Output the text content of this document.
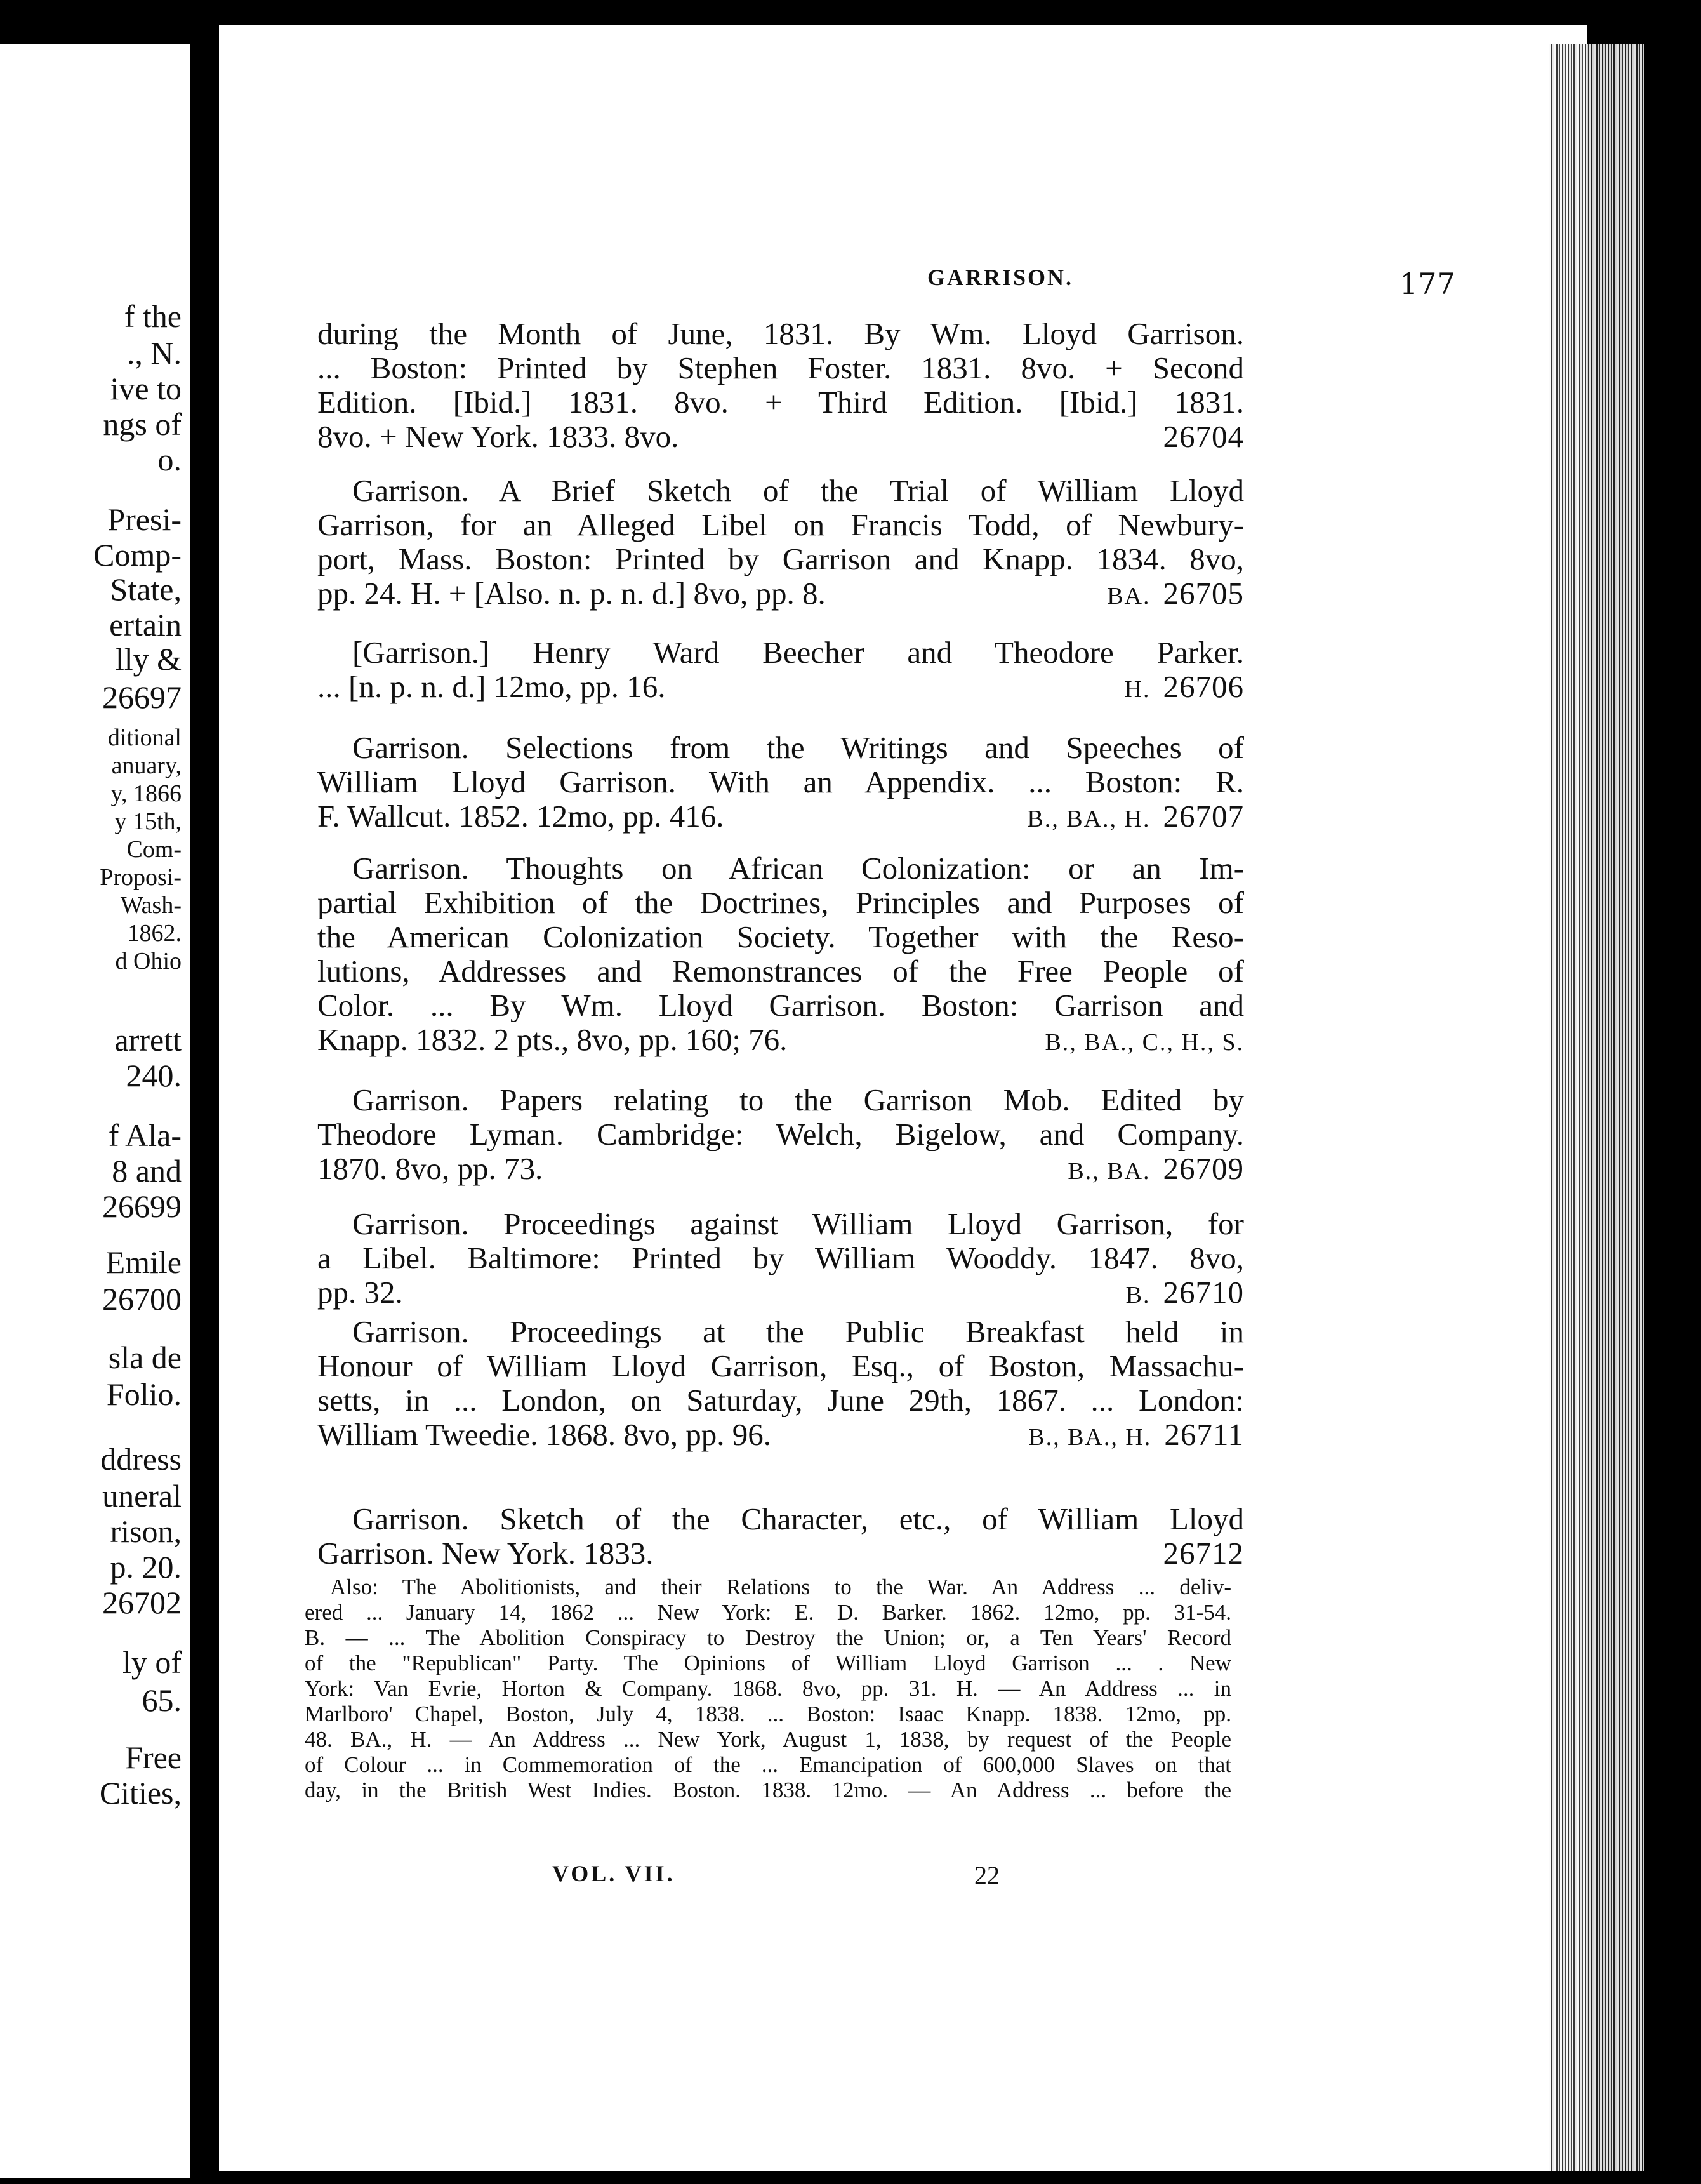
f the
., N.
ive to
ngs of
o.
Presi-
Comp-
State,
ertain
lly &
26697
ditional
anuary,
y, 1866
y 15th,
Com-
Proposi-
Wash-
1862.
d Ohio
arrett
240.
f Ala-
8 and
26699
Emile
26700
sla de
Folio.
ddress
uneral
rison,
p. 20.
26702
ly of
65.
Free
Cities,
GARRISON.	177
during the Month of June, 1831. By Wm. Lloyd Garrison.
... Boston: Printed by Stephen Foster. 1831. 8vo. + Second
Edition. [Ibid.] 1831. 8vo. + Third Edition. [Ibid.] 1831.
8vo. + New York. 1833. 8vo.	26704
Garrison. A Brief Sketch of the Trial of William Lloyd
Garrison, for an Alleged Libel on Francis Todd, of Newbury-
port, Mass. Boston: Printed by Garrison and Knapp. 1834. 8vo,
pp. 24. H. + [Also. n. p. n. d.] 8vo, pp. 8.	BA. 26705
[Garrison.] Henry Ward Beecher and Theodore Parker.
... [n. p. n. d.] 12mo, pp. 16.	H. 26706
Garrison. Selections from the Writings and Speeches of
William Lloyd Garrison. With an Appendix. ... Boston: R.
F. Wallcut. 1852. 12mo, pp. 416.	B., BA., H. 26707
Garrison. Thoughts on African Colonization: or an Im-
partial Exhibition of the Doctrines, Principles and Purposes of
the American Colonization Society. Together with the Reso-
lutions, Addresses and Remonstrances of the Free People of
Color. ... By Wm. Lloyd Garrison. Boston: Garrison and
Knapp. 1832. 2 pts., 8vo, pp. 160; 76.	B., BA., C., H., S.
Garrison. Papers relating to the Garrison Mob. Edited by
Theodore Lyman. Cambridge: Welch, Bigelow, and Company.
1870. 8vo, pp. 73.	B., BA. 26709
Garrison. Proceedings against William Lloyd Garrison, for
a Libel. Baltimore: Printed by William Wooddy. 1847. 8vo,
pp. 32.	B. 26710
Garrison. Proceedings at the Public Breakfast held in
Honour of William Lloyd Garrison, Esq., of Boston, Massachu-
setts, in ... London, on Saturday, June 29th, 1867. ... London:
William Tweedie. 1868. 8vo, pp. 96.	B., BA., H. 26711
Garrison. Sketch of the Character, etc., of William Lloyd
Garrison. New York. 1833.	26712
Also: The Abolitionists, and their Relations to the War. An Address ... deliv-
ered ... January 14, 1862 ... New York: E. D. Barker. 1862. 12mo, pp. 31-54.
B. — ... The Abolition Conspiracy to Destroy the Union; or, a Ten Years' Record
of the "Republican" Party. The Opinions of William Lloyd Garrison ... . New
York: Van Evrie, Horton & Company. 1868. 8vo, pp. 31. H. — An Address ... in
Marlboro' Chapel, Boston, July 4, 1838. ... Boston: Isaac Knapp. 1838. 12mo, pp.
48. BA., H. — An Address ... New York, August 1, 1838, by request of the People
of Colour ... in Commemoration of the ... Emancipation of 600,000 Slaves on that
day, in the British West Indies. Boston. 1838. 12mo. — An Address ... before the
VOL. VII.	22
